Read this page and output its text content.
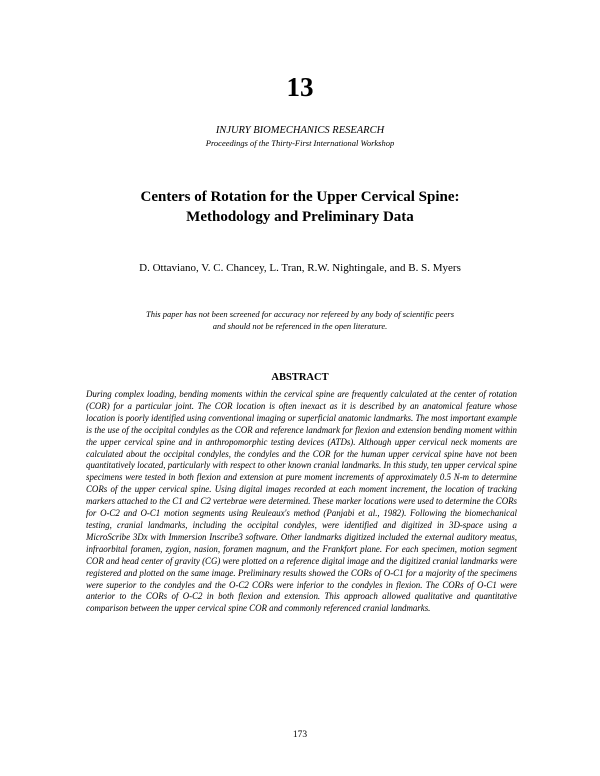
13
INJURY BIOMECHANICS RESEARCH
Proceedings of the Thirty-First International Workshop
Centers of Rotation for the Upper Cervical Spine:
Methodology and Preliminary Data
D. Ottaviano, V. C. Chancey, L. Tran, R.W. Nightingale, and B. S. Myers
This paper has not been screened for accuracy nor refereed by any body of scientific peers
and should not be referenced in the open literature.
ABSTRACT

During complex loading, bending moments within the cervical spine are frequently calculated at the center of rotation (COR) for a particular joint. The COR location is often inexact as it is described by an anatomical feature whose location is poorly identified using conventional imaging or superficial anatomic landmarks. The most important example is the use of the occipital condyles as the COR and reference landmark for flexion and extension bending moment within the upper cervical spine and in anthropomorphic testing devices (ATDs). Although upper cervical neck moments are calculated about the occipital condyles, the condyles and the COR for the human upper cervical spine have not been quantitatively located, particularly with respect to other known cranial landmarks. In this study, ten upper cervical spine specimens were tested in both flexion and extension at pure moment increments of approximately 0.5 N-m to determine CORs of the upper cervical spine. Using digital images recorded at each moment increment, the location of tracking markers attached to the C1 and C2 vertebrae were determined. These marker locations were used to determine the CORs for O-C2 and O-C1 motion segments using Reuleaux's method (Panjabi et al., 1982). Following the biomechanical testing, cranial landmarks, including the occipital condyles, were identified and digitized in 3D-space using a MicroScribe 3Dx with Immersion Inscribe3 software. Other landmarks digitized included the external auditory meatus, infraorbital foramen, zygion, nasion, foramen magnum, and the Frankfort plane. For each specimen, motion segment COR and head center of gravity (CG) were plotted on a reference digital image and the digitized cranial landmarks were registered and plotted on the same image. Preliminary results showed the CORs of O-C1 for a majority of the specimens were superior to the condyles and the O-C2 CORs were inferior to the condyles in flexion. The CORs of O-C1 were anterior to the CORs of O-C2 in both flexion and extension. This approach allowed qualitative and quantitative comparison between the upper cervical spine COR and commonly referenced cranial landmarks.

173
